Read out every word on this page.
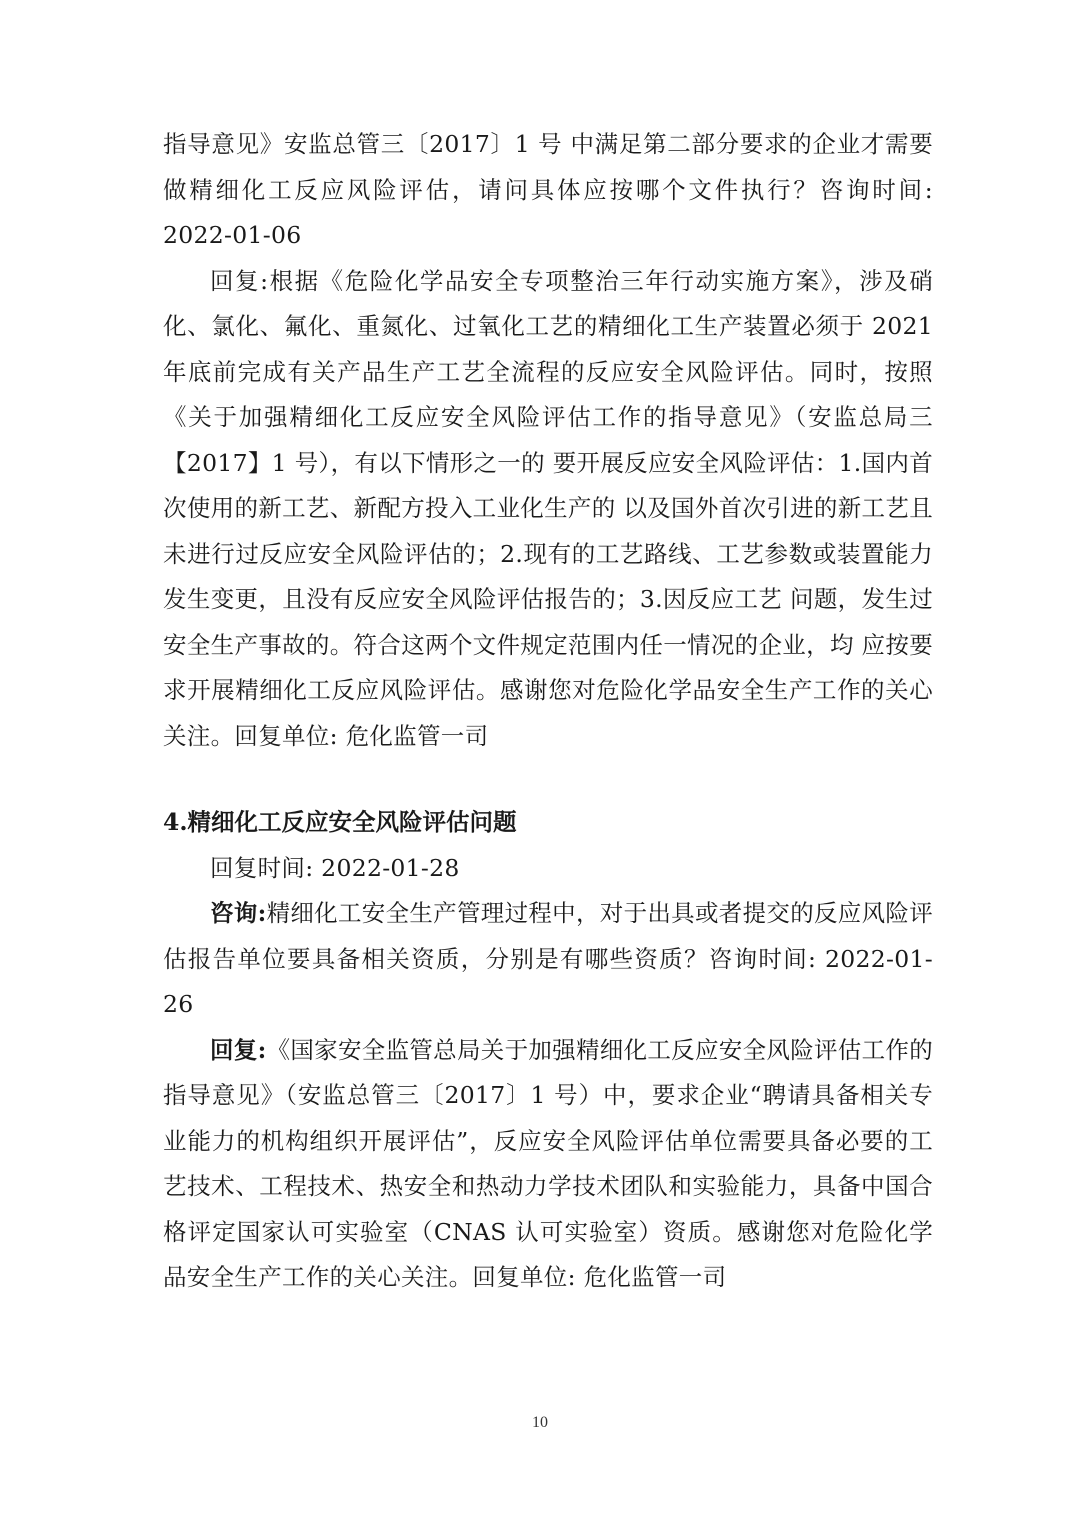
指导意见》安监总管三〔2017〕1 号 中满足第二部分要求的企业才需要做精细化工反应风险评估，请问具体应按哪个文件执行？咨询时间: 2022-01-06

回复:根据《危险化学品安全专项整治三年行动实施方案》，涉及硝化、氯化、氟化、重氮化、过氧化工艺的精细化工生产装置必须于 2021 年底前完成有关产品生产工艺全流程的反应安全风险评估。同时，按照《关于加强精细化工反应安全风险评估工作的指导意见》（安监总局三 【2017】1 号），有以下情形之一的 要开展反应安全风险评估：1.国内首次使用的新工艺、新配方投入工业化生产的 以及国外首次引进的新工艺且未进行过反应安全风险评估的；2.现有的工艺路线、工艺参数或装置能力发生变更，且没有反应安全风险评估报告的；3.因反应工艺 问题，发生过安全生产事故的。符合这两个文件规定范围内任一情况的企业，均 应按要求开展精细化工反应风险评估。感谢您对危险化学品安全生产工作的关心 关注。回复单位: 危化监管一司

4.精细化工反应安全风险评估问题

回复时间: 2022-01-28

咨询:精细化工安全生产管理过程中，对于出具或者提交的反应风险评估报告单位要具备相关资质，分别是有哪些资质？咨询时间: 2022-01-26

回复:《国家安全监管总局关于加强精细化工反应安全风险评估工作的指导意见》（安监总管三〔2017〕1 号）中，要求企业“聘请具备相关专业能力的机构组织开展评估”，反应安全风险评估单位需要具备必要的工艺技术、工程技术、热安全和热动力学技术团队和实验能力，具备中国合格评定国家认可实验室（CNAS 认可实验室）资质。感谢您对危险化学品安全生产工作的关心关注。回复单位: 危化监管一司

10
